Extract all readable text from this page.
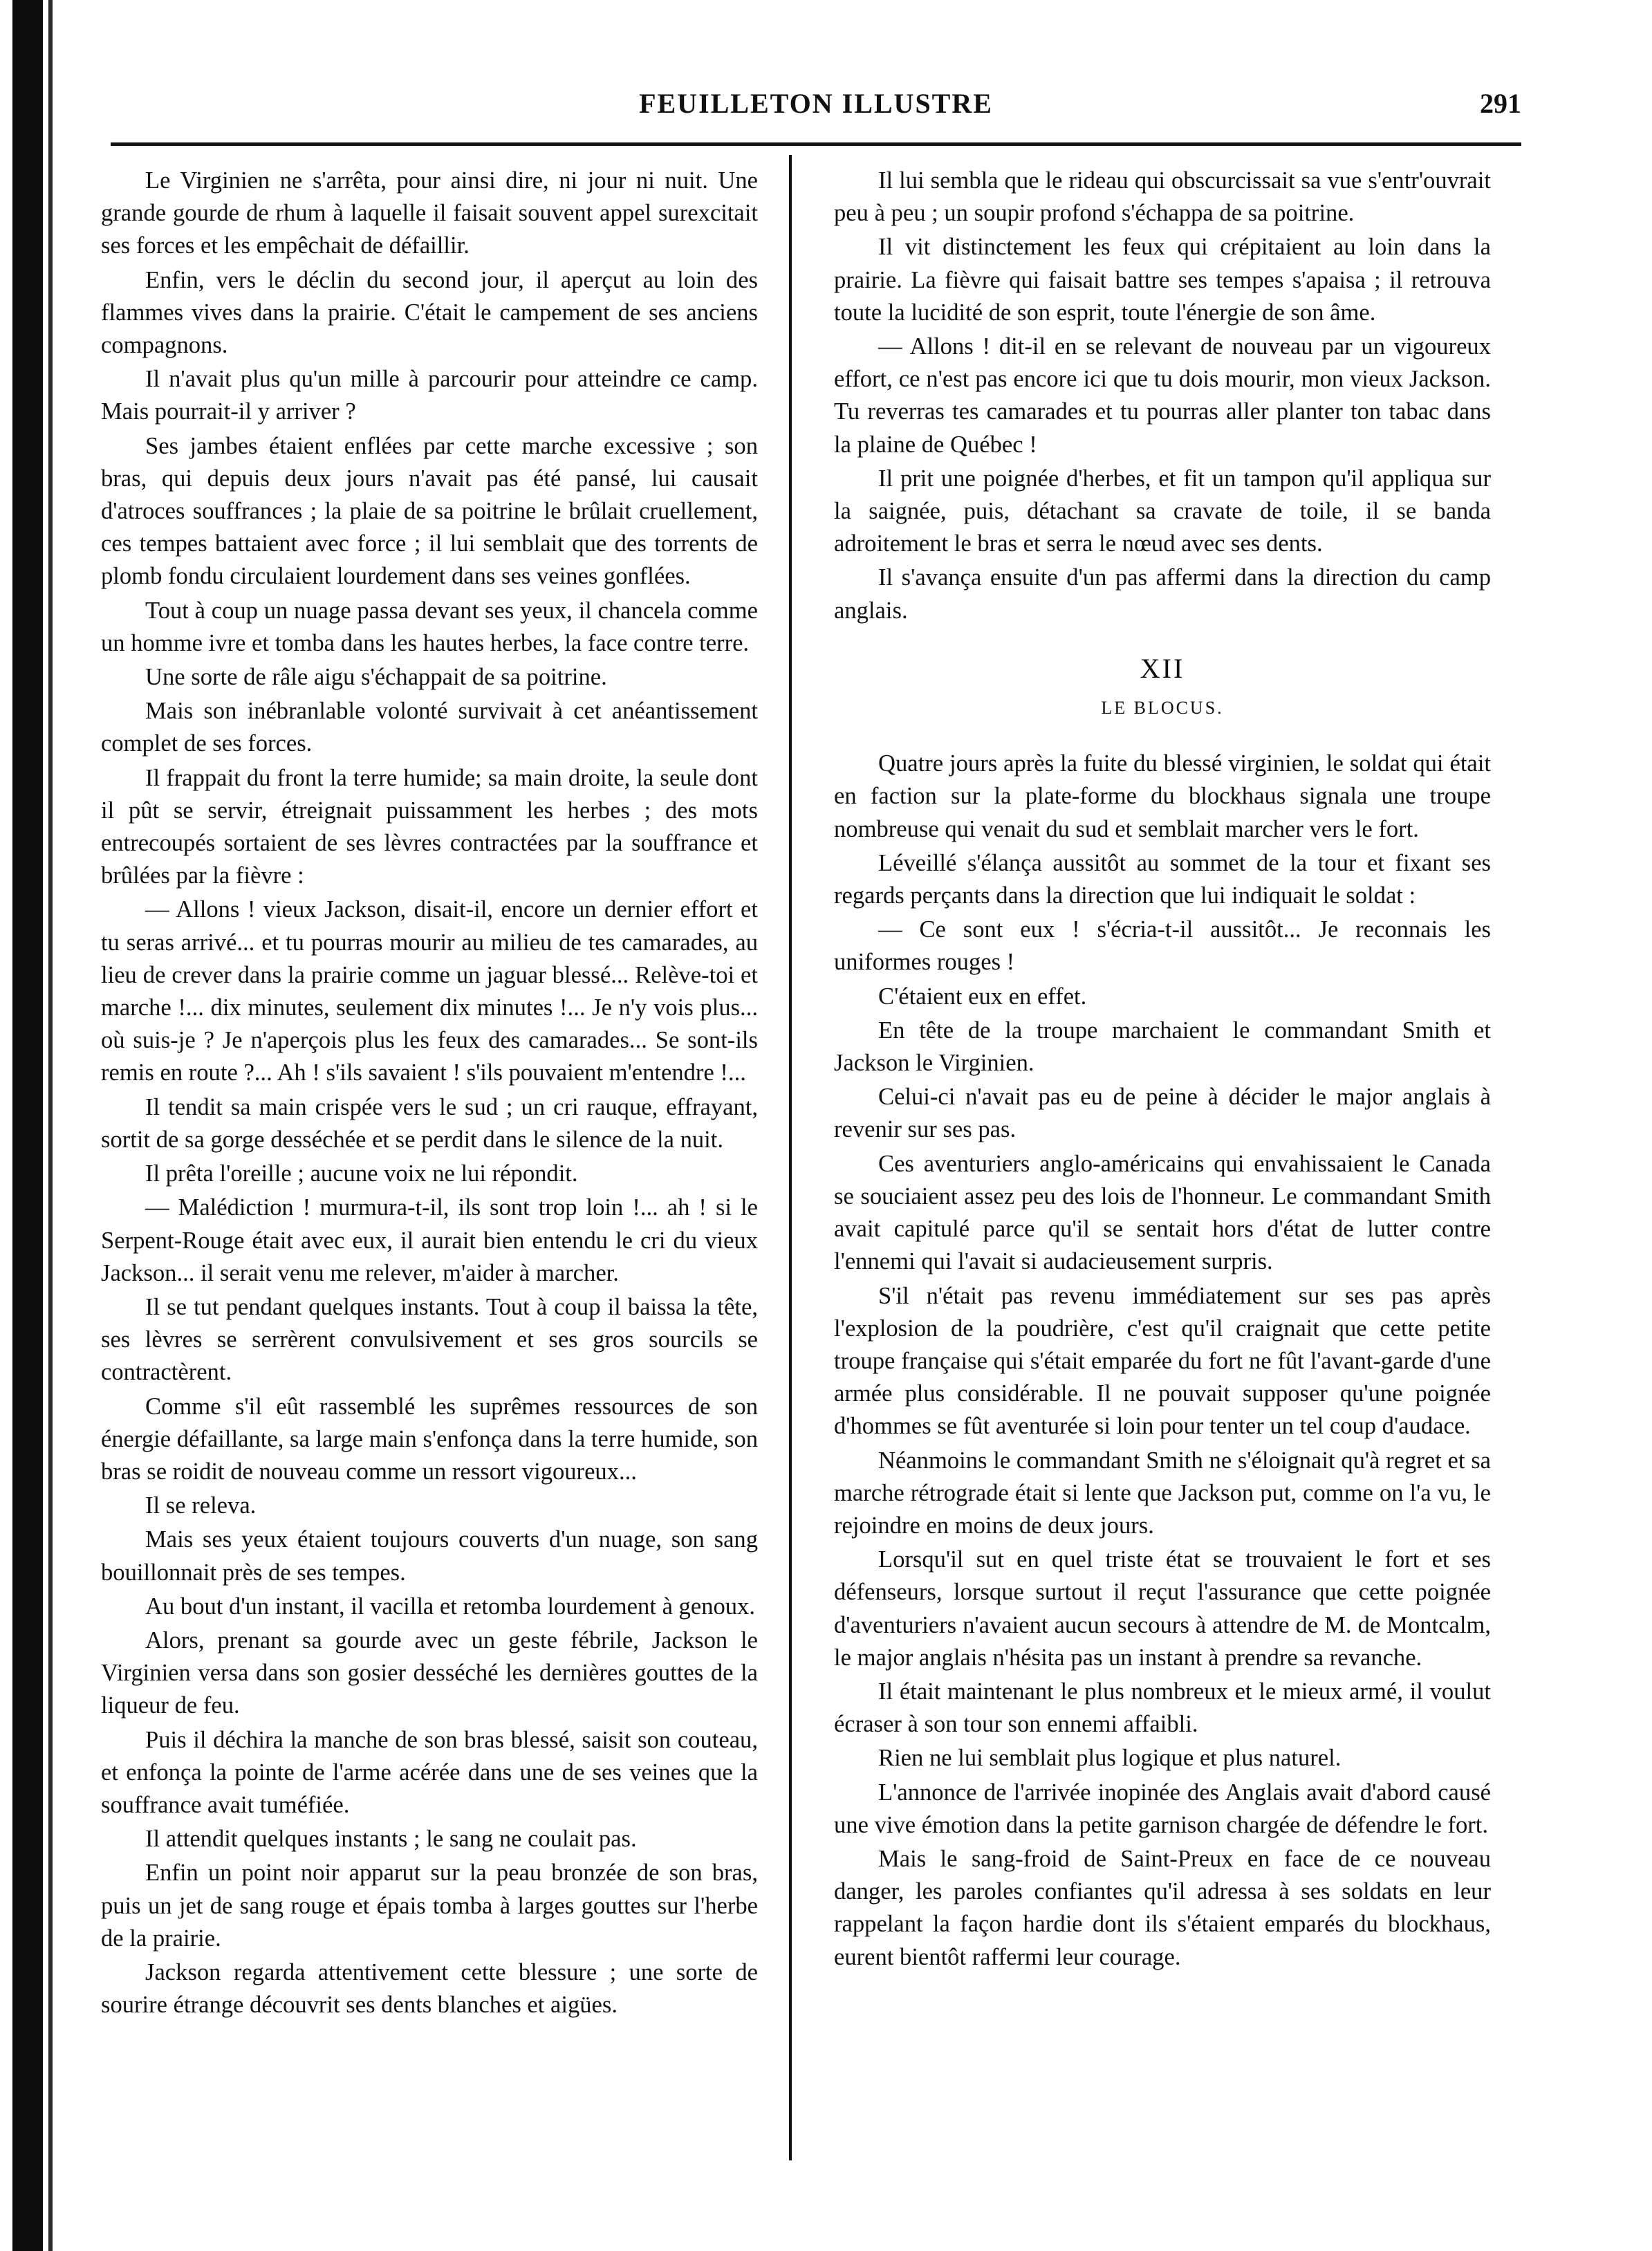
FEUILLETON ILLUSTRE	291

Le Virginien ne s'arrêta, pour ainsi dire, ni jour ni nuit. Une grande gourde de rhum à laquelle il faisait souvent appel surexcitait ses forces et les empêchait de défaillir.

Enfin, vers le déclin du second jour, il aperçut au loin des flammes vives dans la prairie. C'était le campement de ses anciens compagnons.

Il n'avait plus qu'un mille à parcourir pour atteindre ce camp. Mais pourrait-il y arriver ?

Ses jambes étaient enflées par cette marche excessive ; son bras, qui depuis deux jours n'avait pas été pansé, lui causait d'atroces souffrances ; la plaie de sa poitrine le brûlait cruellement, ces tempes battaient avec force ; il lui semblait que des torrents de plomb fondu circulaient lourdement dans ses veines gonflées.

Tout à coup un nuage passa devant ses yeux, il chancela comme un homme ivre et tomba dans les hautes herbes, la face contre terre.

Une sorte de râle aigu s'échappait de sa poitrine.

Mais son inébranlable volonté survivait à cet anéantissement complet de ses forces.

Il frappait du front la terre humide; sa main droite, la seule dont il pût se servir, étreignait puissamment les herbes ; des mots entrecoupés sortaient de ses lèvres contractées par la souffrance et brûlées par la fièvre :

— Allons ! vieux Jackson, disait-il, encore un dernier effort et tu seras arrivé... et tu pourras mourir au milieu de tes camarades, au lieu de crever dans la prairie comme un jaguar blessé... Relève-toi et marche !... dix minutes, seulement dix minutes !... Je n'y vois plus... où suis-je ? Je n'aperçois plus les feux des camarades... Se sont-ils remis en route ?... Ah ! s'ils savaient ! s'ils pouvaient m'entendre !...

Il tendit sa main crispée vers le sud ; un cri rauque, effrayant, sortit de sa gorge desséchée et se perdit dans le silence de la nuit.

Il prêta l'oreille ; aucune voix ne lui répondit.

— Malédiction ! murmura-t-il, ils sont trop loin !... ah ! si le Serpent-Rouge était avec eux, il aurait bien entendu le cri du vieux Jackson... il serait venu me relever, m'aider à marcher.

Il se tut pendant quelques instants. Tout à coup il baissa la tête, ses lèvres se serrèrent convulsivement et ses gros sourcils se contractèrent.

Comme s'il eût rassemblé les suprêmes ressources de son énergie défaillante, sa large main s'enfonça dans la terre humide, son bras se roidit de nouveau comme un ressort vigoureux...

Il se releva.

Mais ses yeux étaient toujours couverts d'un nuage, son sang bouillonnait près de ses tempes.

Au bout d'un instant, il vacilla et retomba lourdement à genoux.

Alors, prenant sa gourde avec un geste fébrile, Jackson le Virginien versa dans son gosier desséché les dernières gouttes de la liqueur de feu.

Puis il déchira la manche de son bras blessé, saisit son couteau, et enfonça la pointe de l'arme acérée dans une de ses veines que la souffrance avait tuméfiée.

Il attendit quelques instants ; le sang ne coulait pas.

Enfin un point noir apparut sur la peau bronzée de son bras, puis un jet de sang rouge et épais tomba à larges gouttes sur l'herbe de la prairie.

Jackson regarda attentivement cette blessure ; une sorte de sourire étrange découvrit ses dents blanches et aigües.

Il lui sembla que le rideau qui obscurcissait sa vue s'entr'ouvrait peu à peu ; un soupir profond s'échappa de sa poitrine.

Il vit distinctement les feux qui crépitaient au loin dans la prairie. La fièvre qui faisait battre ses tempes s'apaisa ; il retrouva toute la lucidité de son esprit, toute l'énergie de son âme.

— Allons ! dit-il en se relevant de nouveau par un vigoureux effort, ce n'est pas encore ici que tu dois mourir, mon vieux Jackson. Tu reverras tes camarades et tu pourras aller planter ton tabac dans la plaine de Québec !

Il prit une poignée d'herbes, et fit un tampon qu'il appliqua sur la saignée, puis, détachant sa cravate de toile, il se banda adroitement le bras et serra le nœud avec ses dents.

Il s'avança ensuite d'un pas affermi dans la direction du camp anglais.

XII

LE BLOCUS.

Quatre jours après la fuite du blessé virginien, le soldat qui était en faction sur la plate-forme du blockhaus signala une troupe nombreuse qui venait du sud et semblait marcher vers le fort.

Léveillé s'élança aussitôt au sommet de la tour et fixant ses regards perçants dans la direction que lui indiquait le soldat :

— Ce sont eux ! s'écria-t-il aussitôt... Je reconnais les uniformes rouges !

C'étaient eux en effet.

En tête de la troupe marchaient le commandant Smith et Jackson le Virginien.

Celui-ci n'avait pas eu de peine à décider le major anglais à revenir sur ses pas.

Ces aventuriers anglo-américains qui envahissaient le Canada se souciaient assez peu des lois de l'honneur. Le commandant Smith avait capitulé parce qu'il se sentait hors d'état de lutter contre l'ennemi qui l'avait si audacieusement surpris.

S'il n'était pas revenu immédiatement sur ses pas après l'explosion de la poudrière, c'est qu'il craignait que cette petite troupe française qui s'était emparée du fort ne fût l'avant-garde d'une armée plus considérable. Il ne pouvait supposer qu'une poignée d'hommes se fût aventurée si loin pour tenter un tel coup d'audace.

Néanmoins le commandant Smith ne s'éloignait qu'à regret et sa marche rétrograde était si lente que Jackson put, comme on l'a vu, le rejoindre en moins de deux jours.

Lorsqu'il sut en quel triste état se trouvaient le fort et ses défenseurs, lorsque surtout il reçut l'assurance que cette poignée d'aventuriers n'avaient aucun secours à attendre de M. de Montcalm, le major anglais n'hésita pas un instant à prendre sa revanche.

Il était maintenant le plus nombreux et le mieux armé, il voulut écraser à son tour son ennemi affaibli.

Rien ne lui semblait plus logique et plus naturel.

L'annonce de l'arrivée inopinée des Anglais avait d'abord causé une vive émotion dans la petite garnison chargée de défendre le fort.

Mais le sang-froid de Saint-Preux en face de ce nouveau danger, les paroles confiantes qu'il adressa à ses soldats en leur rappelant la façon hardie dont ils s'étaient emparés du blockhaus, eurent bientôt raffermi leur courage.
